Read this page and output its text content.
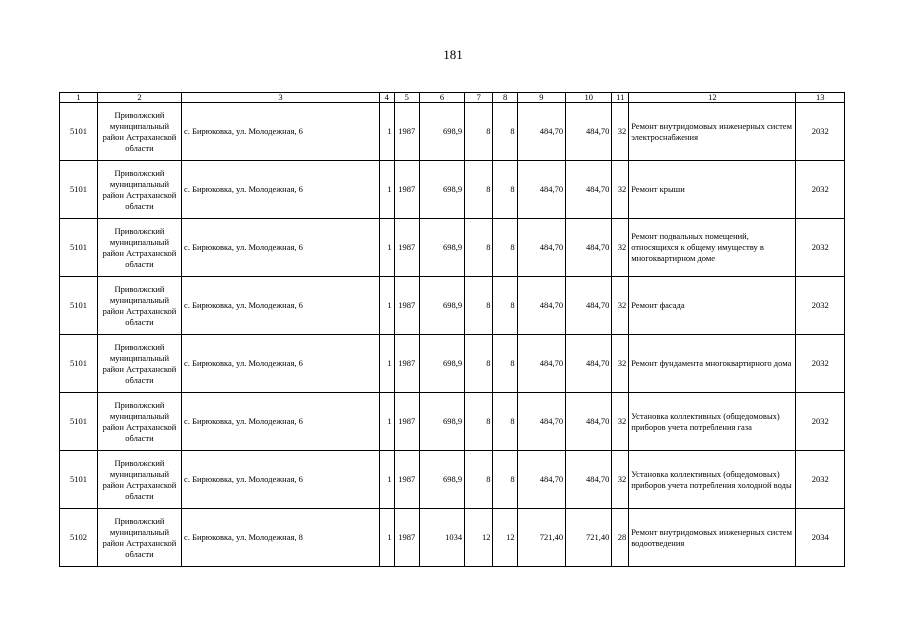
181
1	2	3	4	5	6	7	8	9	10	11	12	13
5101	Приволжский муниципальный район Астраханской области	с. Бирюковка, ул. Молодежная, 6	1	1987	698,9	8	8	484,70	484,70	32	Ремонт внутридомовых инженерных систем электроснабжения	2032
5101	Приволжский муниципальный район Астраханской области	с. Бирюковка, ул. Молодежная, 6	1	1987	698,9	8	8	484,70	484,70	32	Ремонт крыши	2032
5101	Приволжский муниципальный район Астраханской области	с. Бирюковка, ул. Молодежная, 6	1	1987	698,9	8	8	484,70	484,70	32	Ремонт подвальных помещений, относящихся к общему имуществу в многоквартирном доме	2032
5101	Приволжский муниципальный район Астраханской области	с. Бирюковка, ул. Молодежная, 6	1	1987	698,9	8	8	484,70	484,70	32	Ремонт фасада	2032
5101	Приволжский муниципальный район Астраханской области	с. Бирюковка, ул. Молодежная, 6	1	1987	698,9	8	8	484,70	484,70	32	Ремонт фундамента многоквартирного дома	2032
5101	Приволжский муниципальный район Астраханской области	с. Бирюковка, ул. Молодежная, 6	1	1987	698,9	8	8	484,70	484,70	32	Установка коллективных (общедомовых) приборов учета потребления газа	2032
5101	Приволжский муниципальный район Астраханской области	с. Бирюковка, ул. Молодежная, 6	1	1987	698,9	8	8	484,70	484,70	32	Установка коллективных (общедомовых) приборов учета потребления холодной воды	2032
5102	Приволжский муниципальный район Астраханской области	с. Бирюковка, ул. Молодежная, 8	1	1987	1034	12	12	721,40	721,40	28	Ремонт внутридомовых инженерных систем водоотведения	2034
